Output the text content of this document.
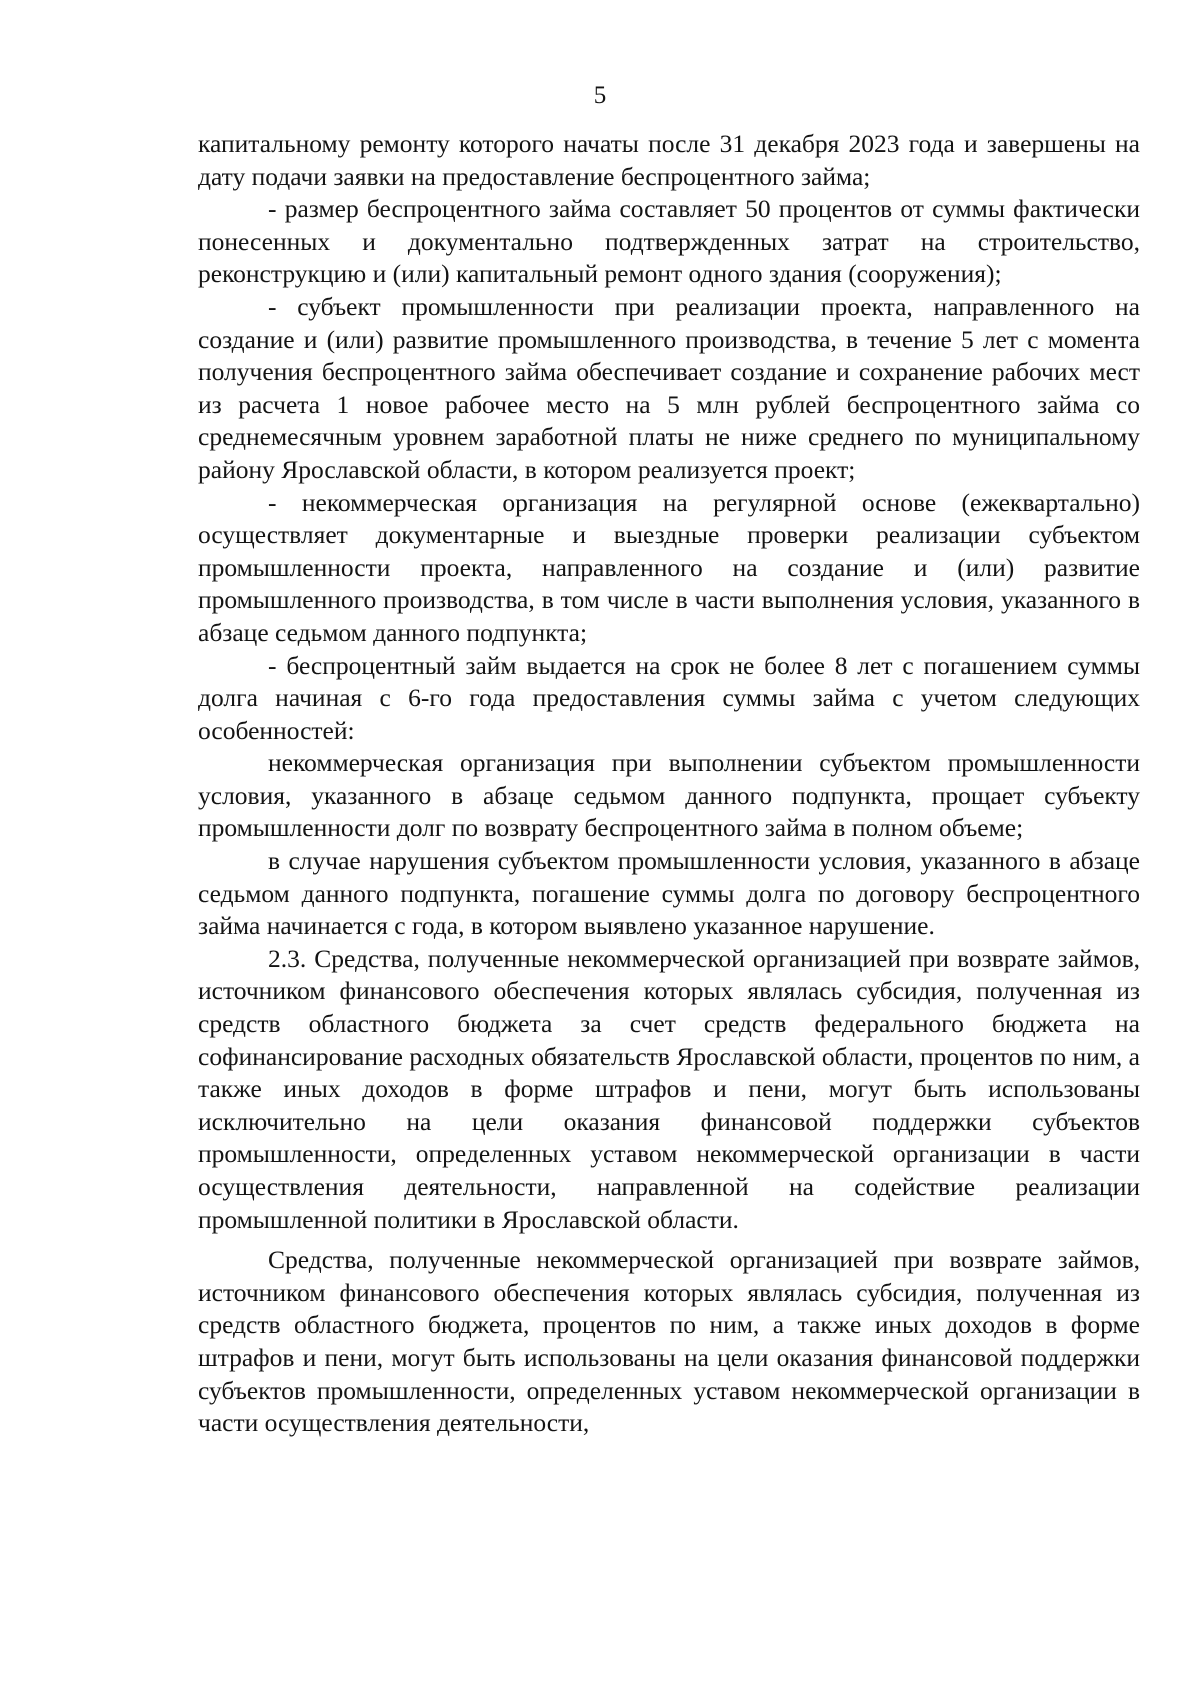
5

капитальному ремонту которого начаты после 31 декабря 2023 года и завершены на дату подачи заявки на предоставление беспроцентного займа;

- размер беспроцентного займа составляет 50 процентов от суммы фактически понесенных и документально подтвержденных затрат на строительство, реконструкцию и (или) капитальный ремонт одного здания (сооружения);

- субъект промышленности при реализации проекта, направленного на создание и (или) развитие промышленного производства, в течение 5 лет с момента получения беспроцентного займа обеспечивает создание и сохранение рабочих мест из расчета 1 новое рабочее место на 5 млн рублей беспроцентного займа со среднемесячным уровнем заработной платы не ниже среднего по муниципальному району Ярославской области, в котором реализуется проект;

- некоммерческая организация на регулярной основе (ежеквартально) осуществляет документарные и выездные проверки реализации субъектом промышленности проекта, направленного на создание и (или) развитие промышленного производства, в том числе в части выполнения условия, указанного в абзаце седьмом данного подпункта;

- беспроцентный займ выдается на срок не более 8 лет с погашением суммы долга начиная с 6-го года предоставления суммы займа с учетом следующих особенностей:

некоммерческая организация при выполнении субъектом промышленности условия, указанного в абзаце седьмом данного подпункта, прощает субъекту промышленности долг по возврату беспроцентного займа в полном объеме;

в случае нарушения субъектом промышленности условия, указанного в абзаце седьмом данного подпункта, погашение суммы долга по договору беспроцентного займа начинается с года, в котором выявлено указанное нарушение.

2.3. Средства, полученные некоммерческой организацией при возврате займов, источником финансового обеспечения которых являлась субсидия, полученная из средств областного бюджета за счет средств федерального бюджета на софинансирование расходных обязательств Ярославской области, процентов по ним, а также иных доходов в форме штрафов и пени, могут быть использованы исключительно на цели оказания финансовой поддержки субъектов промышленности, определенных уставом некоммерческой организации в части осуществления деятельности, направленной на содействие реализации промышленной политики в Ярославской области.

Средства, полученные некоммерческой организацией при возврате займов, источником финансового обеспечения которых являлась субсидия, полученная из средств областного бюджета, процентов по ним, а также иных доходов в форме штрафов и пени, могут быть использованы на цели оказания финансовой поддержки субъектов промышленности, определенных уставом некоммерческой организации в части осуществления деятельности,
